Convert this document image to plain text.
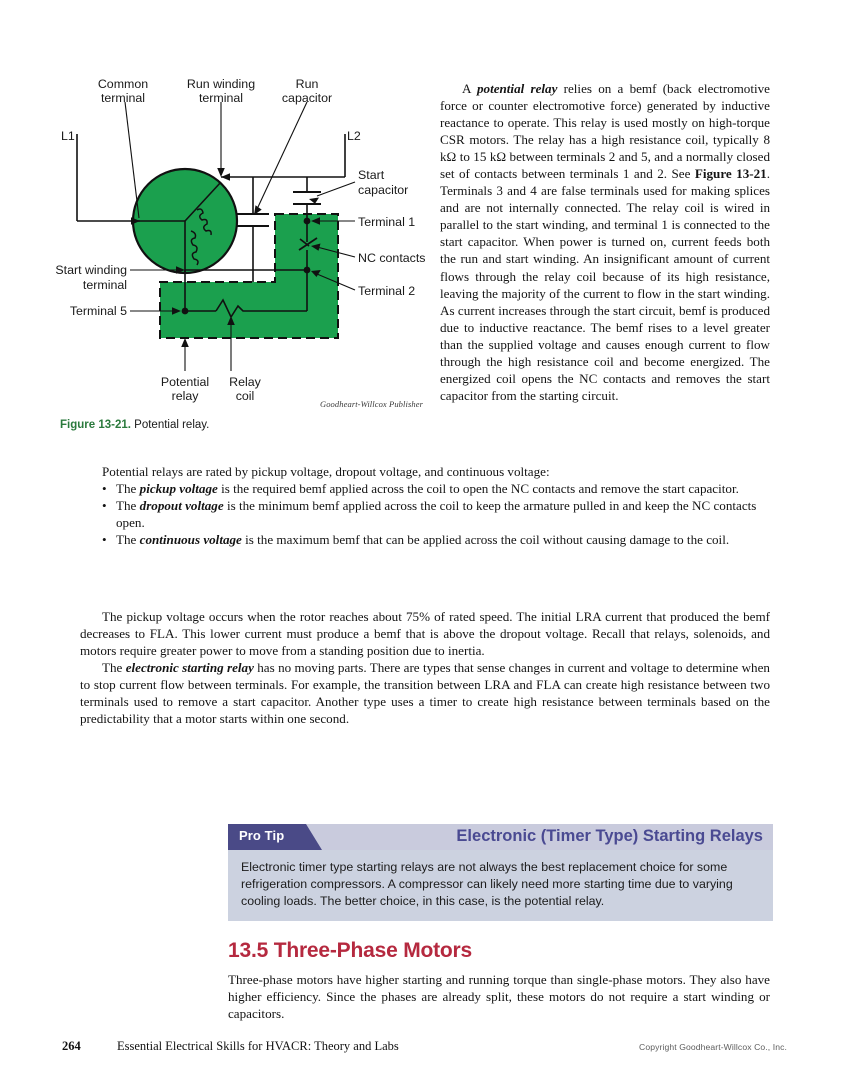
Common
terminal
Run winding
terminal
Run
capacitor
L1	L2
Start
capacitor
Terminal 1
NC contacts
Terminal 2
Start winding
terminal
Terminal 5
Potential
relay
Relay
coil
Goodheart-Willcox Publisher
Figure 13-21. Potential relay.

A potential relay relies on a bemf (back electromotive force or counter electromotive force) generated by inductive reactance to operate. This relay is used mostly on high-torque CSR motors. The relay has a high resistance coil, typically 8 kΩ to 15 kΩ between terminals 2 and 5, and a normally closed set of contacts between terminals 1 and 2. See Figure 13-21. Terminals 3 and 4 are false terminals used for making splices and are not internally connected. The relay coil is wired in parallel to the start winding, and terminal 1 is connected to the start capacitor. When power is turned on, current feeds both the run and start winding. An insignificant amount of current flows through the relay coil because of its high resistance, leaving the majority of the current to flow in the start winding. As current increases through the start circuit, bemf is produced due to inductive reactance. The bemf rises to a level greater than the supplied voltage and causes enough current to flow through the high resistance coil and become energized. The energized coil opens the NC contacts and removes the start capacitor from the starting circuit.

Potential relays are rated by pickup voltage, dropout voltage, and continuous voltage:

• The pickup voltage is the required bemf applied across the coil to open the NC contacts and remove the start capacitor.
• The dropout voltage is the minimum bemf applied across the coil to keep the armature pulled in and keep the NC contacts open.
• The continuous voltage is the maximum bemf that can be applied across the coil without causing damage to the coil.

The pickup voltage occurs when the rotor reaches about 75% of rated speed. The initial LRA current that produced the bemf decreases to FLA. This lower current must produce a bemf that is above the dropout voltage. Recall that relays, solenoids, and motors require greater power to move from a standing position due to inertia.

The electronic starting relay has no moving parts. There are types that sense changes in current and voltage to determine when to stop current flow between terminals. For example, the transition between LRA and FLA can create high resistance between two terminals used to remove a start capacitor. Another type uses a timer to create high resistance between terminals based on the predictability that a motor starts within one second.

Pro Tip	Electronic (Timer Type) Starting Relays
Electronic timer type starting relays are not always the best replacement choice for some refrigeration compressors. A compressor can likely need more starting time due to varying cooling loads. The better choice, in this case, is the potential relay.
13.5 Three-Phase Motors

Three-phase motors have higher starting and running torque than single-phase motors. They also have higher efficiency. Since the phases are already split, these motors do not require a start winding or capacitors.

264	Essential Electrical Skills for HVACR: Theory and Labs	Copyright Goodheart-Willcox Co., Inc.
